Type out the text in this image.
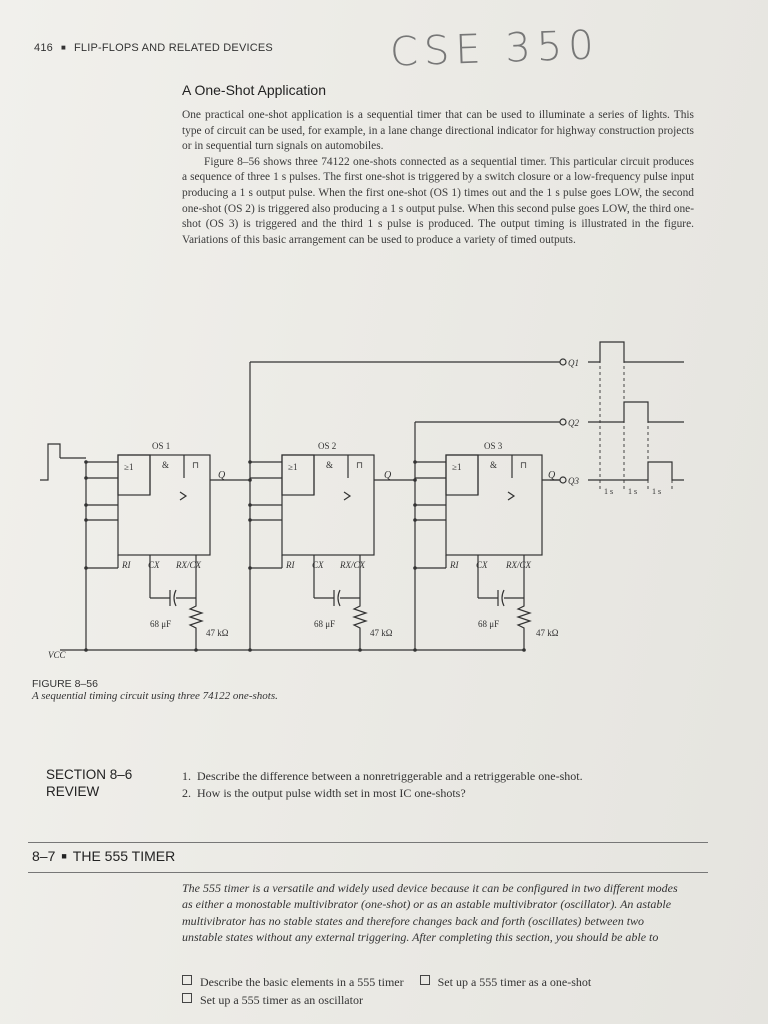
416 ■ FLIP-FLOPS AND RELATED DEVICES	CSE 350
A One-Shot Application

One practical one-shot application is a sequential timer that can be used to illuminate a series of lights. This type of circuit can be used, for example, in a lane change directional indicator for highway construction projects or in sequential turn signals on automobiles.

Figure 8–56 shows three 74122 one-shots connected as a sequential timer. This particular circuit produces a sequence of three 1 s pulses. The first one-shot is triggered by a switch closure or a low-frequency pulse input producing a 1 s output pulse. When the first one-shot (OS 1) times out and the 1 s pulse goes LOW, the second one-shot (OS 2) is triggered also producing a 1 s output pulse. When this second pulse goes LOW, the third one-shot (OS 3) is triggered and the third 1 s pulse is produced. The output timing is illustrated in the figure. Variations of this basic arrangement can be used to produce a variety of timed outputs.

OS 1
≥1	&	⊓
Q
RI CX RX/CX
68 μF
47 kΩ
OS 2
≥1	&	⊓
Q
RI CX RX/CX
68 μF
47 kΩ
OS 3
≥1	&	⊓
Q
RI CX RX/CX
68 μF
47 kΩ
Q1
Q2
Q3
1 s 1 s 1 s
VCC
FIGURE 8–56
A sequential timing circuit using three 74122 one-shots.
SECTION 8–6
REVIEW
1. Describe the difference between a nonretriggerable and a retriggerable one-shot.
2. How is the output pulse width set in most IC one-shots?
8–7 ■ THE 555 TIMER

The 555 timer is a versatile and widely used device because it can be configured in two different modes as either a monostable multivibrator (one-shot) or as an astable multivibrator (oscillator). An astable multivibrator has no stable states and therefore changes back and forth (oscillates) between two unstable states without any external triggering. After completing this section, you should be able to

Describe the basic elements in a 555 timer	Set up a 555 timer as a one-shot
Set up a 555 timer as an oscillator
